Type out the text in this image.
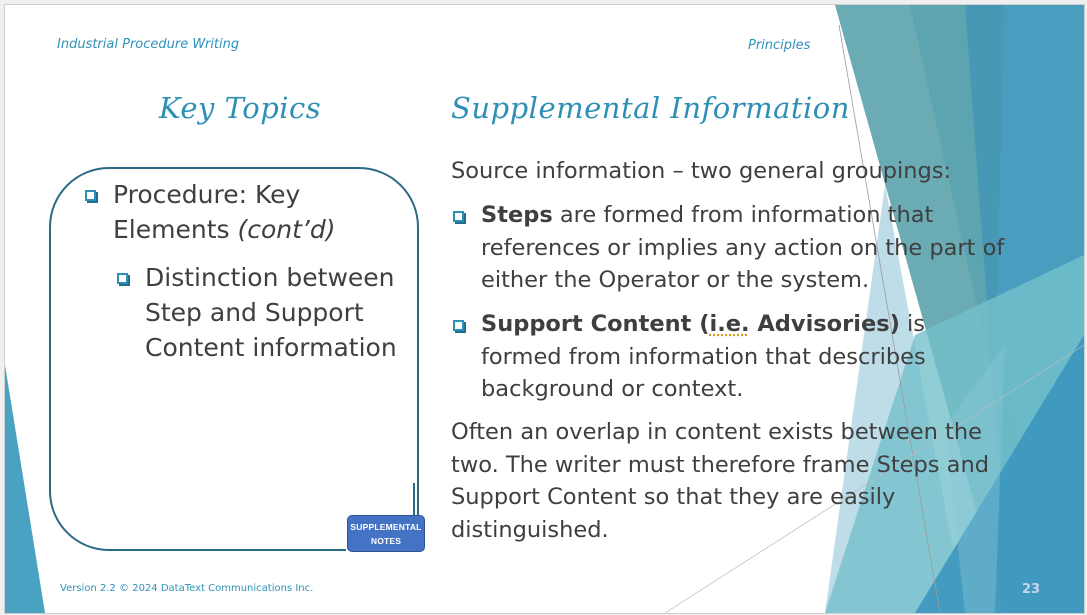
Industrial Procedure Writing	Principles
Key Topics	Supplemental Information
Procedure: Key Elements (cont’d)
Distinction between Step and Support Content information
SUPPLEMENTAL
NOTES
Source information – two general groupings:
Steps are formed from information that references or implies any action on the part of either the Operator or the system.
Support Content (i.e. Advisories) is formed from information that describes background or context.
Often an overlap in content exists between the two. The writer must therefore frame Steps and Support Content so that they are easily distinguished.
Version 2.2 © 2024 DataText Communications Inc.	23
